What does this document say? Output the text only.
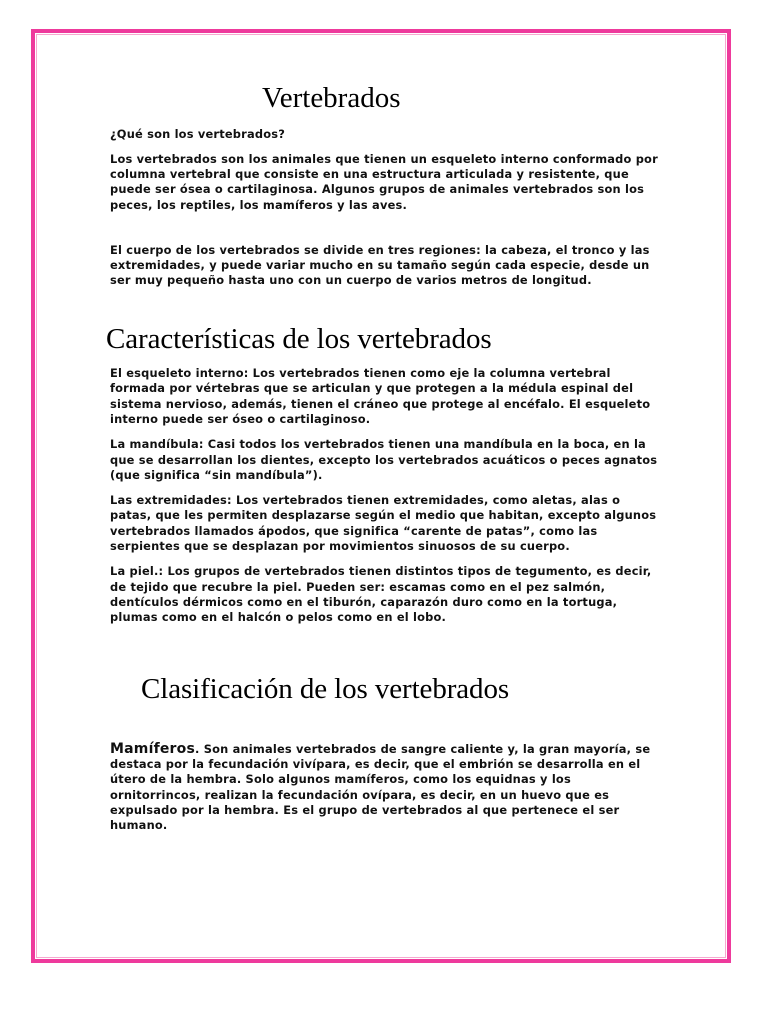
Vertebrados

¿Qué son los vertebrados?

Los vertebrados son los animales que tienen un esqueleto interno conformado por columna vertebral que consiste en una estructura articulada y resistente, que puede ser ósea o cartilaginosa. Algunos grupos de animales vertebrados son los peces, los reptiles, los mamíferos y las aves.

El cuerpo de los vertebrados se divide en tres regiones: la cabeza, el tronco y las extremidades, y puede variar mucho en su tamaño según cada especie, desde un ser muy pequeño hasta uno con un cuerpo de varios metros de longitud.

Características de los vertebrados

El esqueleto interno: Los vertebrados tienen como eje la columna vertebral formada por vértebras que se articulan y que protegen a la médula espinal del sistema nervioso, además, tienen el cráneo que protege al encéfalo. El esqueleto interno puede ser óseo o cartilaginoso.

La mandíbula: Casi todos los vertebrados tienen una mandíbula en la boca, en la que se desarrollan los dientes, excepto los vertebrados acuáticos o peces agnatos (que significa “sin mandíbula”).

Las extremidades: Los vertebrados tienen extremidades, como aletas, alas o patas, que les permiten desplazarse según el medio que habitan, excepto algunos vertebrados llamados ápodos, que significa “carente de patas”, como las serpientes que se desplazan por movimientos sinuosos de su cuerpo.

La piel.: Los grupos de vertebrados tienen distintos tipos de tegumento, es decir, de tejido que recubre la piel. Pueden ser: escamas como en el pez salmón, dentículos dérmicos como en el tiburón, caparazón duro como en la tortuga, plumas como en el halcón o pelos como en el lobo.

Clasificación de los vertebrados

Mamíferos. Son animales vertebrados de sangre caliente y, la gran mayoría, se destaca por la fecundación vivípara, es decir, que el embrión se desarrolla en el útero de la hembra. Solo algunos mamíferos, como los equidnas y los ornitorrincos, realizan la fecundación ovípara, es decir, en un huevo que es expulsado por la hembra. Es el grupo de vertebrados al que pertenece el ser humano.
